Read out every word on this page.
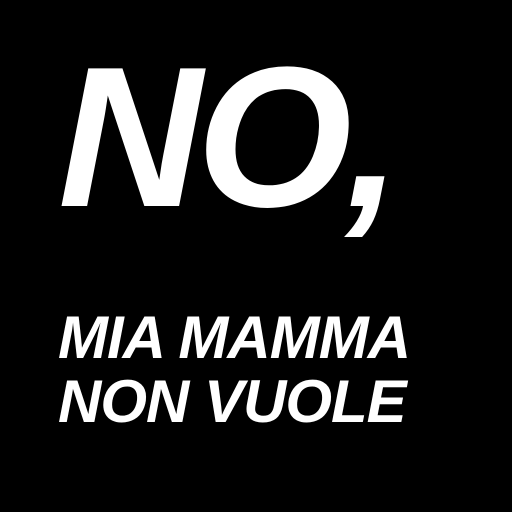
NO,

MIA MAMMA

NON VUOLE
